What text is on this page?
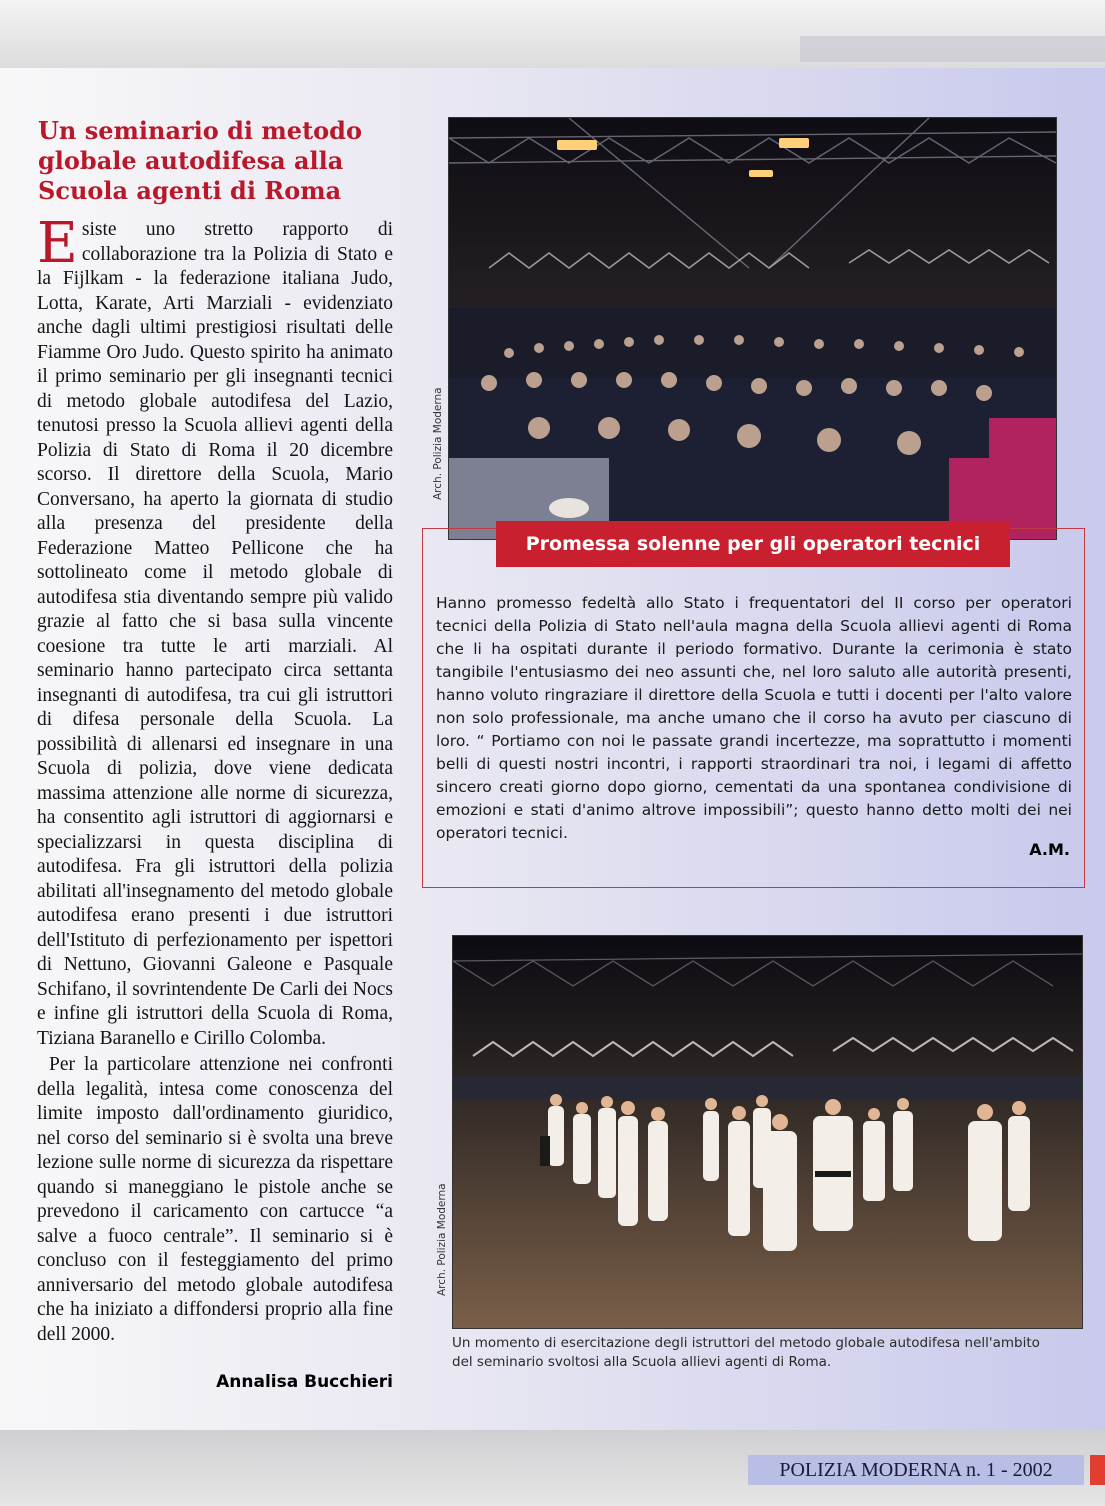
Un seminario di metodo globale autodifesa alla Scuola agenti di Roma

Esiste uno stretto rapporto di collaborazione tra la Polizia di Stato e la Fijlkam - la federazione italiana Judo, Lotta, Karate, Arti Marziali - evidenziato anche dagli ultimi prestigiosi risultati delle Fiamme Oro Judo. Questo spirito ha animato il primo seminario per gli insegnanti tecnici di metodo globale autodifesa del Lazio, tenutosi presso la Scuola allievi agenti della Polizia di Stato di Roma il 20 dicembre scorso. Il direttore della Scuola, Mario Conversano, ha aperto la giornata di studio alla presenza del presidente della Federazione Matteo Pellicone che ha sottolineato come il metodo globale di autodifesa stia diventando sempre più valido grazie al fatto che si basa sulla vincente coesione tra tutte le arti marziali. Al seminario hanno partecipato circa settanta insegnanti di autodifesa, tra cui gli istruttori di difesa personale della Scuola. La possibilità di allenarsi ed insegnare in una Scuola di polizia, dove viene dedicata massima attenzione alle norme di sicurezza, ha consentito agli istruttori di aggiornarsi e specializzarsi in questa disciplina di autodifesa. Fra gli istruttori della polizia abilitati all'insegnamento del metodo globale autodifesa erano presenti i due istruttori dell'Istituto di perfezionamento per ispettori di Nettuno, Giovanni Galeone e Pasquale Schifano, il sovrintendente De Carli dei Nocs e infine gli istruttori della Scuola di Roma, Tiziana Baranello e Cirillo Colomba.

Per la particolare attenzione nei confronti della legalità, intesa come conoscenza del limite imposto dall'ordinamento giuridico, nel corso del seminario si è svolta una breve lezione sulle norme di sicurezza da rispettare quando si maneggiano le pistole anche se prevedono il caricamento con cartucce “a salve a fuoco centrale”. Il seminario si è concluso con il festeggiamento del primo anniversario del metodo globale autodifesa che ha iniziato a diffondersi proprio alla fine dell 2000.

Annalisa Bucchieri
Arch. Polizia Moderna
Promessa solenne per gli operatori tecnici
Hanno promesso fedeltà allo Stato i frequentatori del II corso per operatori tecnici della Polizia di Stato nell'aula magna della Scuola allievi agenti di Roma che li ha ospitati durante il periodo formativo. Durante la cerimonia è stato tangibile l'entusiasmo dei neo assunti che, nel loro saluto alle autorità presenti, hanno voluto ringraziare il direttore della Scuola e tutti i docenti per l'alto valore non solo professionale, ma anche umano che il corso ha avuto per ciascuno di loro. “ Portiamo con noi le passate grandi incertezze, ma soprattutto i momenti belli di questi nostri incontri, i rapporti straordinari tra noi, i legami di affetto sincero creati giorno dopo giorno, cementati da una spontanea condivisione di emozioni e stati d'animo altrove impossibili”; questo hanno detto molti dei nei operatori tecnici.
A.M.
Arch. Polizia Moderna
Un momento di esercitazione degli istruttori del metodo globale autodifesa nell'ambito del seminario svoltosi alla Scuola allievi agenti di Roma.
POLIZIA MODERNA n. 1 - 2002
